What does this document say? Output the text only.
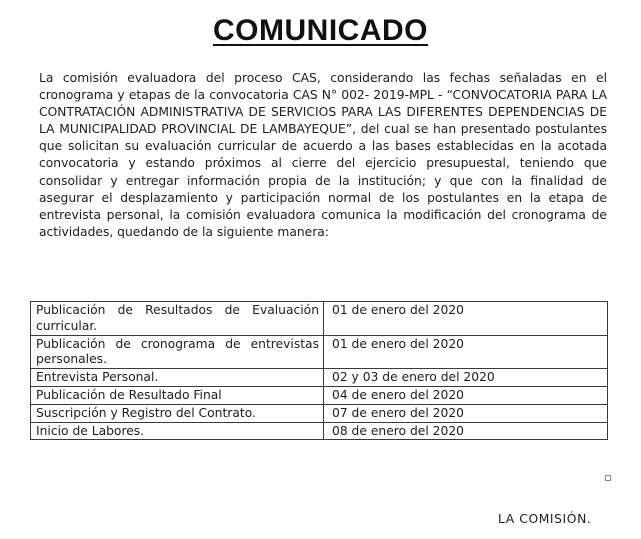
COMUNICADO
La comisión evaluadora del proceso CAS, considerando las fechas señaladas en el cronograma y etapas de la convocatoria CAS N° 002- 2019-MPL - “CONVOCATORIA PARA LA CONTRATACIÓN ADMINISTRATIVA DE SERVICIOS PARA LAS DIFERENTES DEPENDENCIAS DE LA MUNICIPALIDAD PROVINCIAL DE LAMBAYEQUE”, del cual se han presentado postulantes que solicitan su evaluación curricular de acuerdo a las bases establecidas en la acotada convocatoria y estando próximos al cierre del ejercicio presupuestal, teniendo que consolidar y entregar información propia de la institución; y que con la finalidad de asegurar el desplazamiento y participación normal de los postulantes en la etapa de entrevista personal, la comisión evaluadora comunica la modificación del cronograma de actividades, quedando de la siguiente manera:
Publicación de Resultados de Evaluación curricular.	01 de enero del 2020
Publicación de cronograma de entrevistas personales.	01 de enero del 2020
Entrevista Personal.	02 y 03 de enero del 2020
Publicación de Resultado Final	04 de enero del 2020
Suscripción y Registro del Contrato.	07 de enero del 2020
Inicio de Labores.	08 de enero del 2020
LA COMISIÓN.
